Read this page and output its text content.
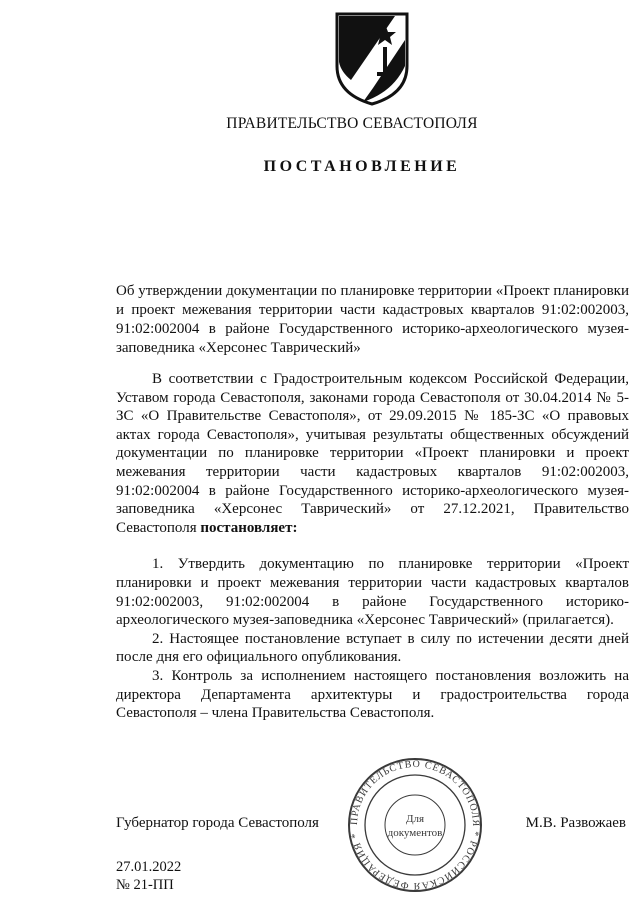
ПРАВИТЕЛЬСТВО СЕВАСТОПОЛЯ
ПОСТАНОВЛЕНИЕ

Об утверждении документации по планировке территории «Проект планировки и проект межевания территории части кадастровых кварталов 91:02:002003, 91:02:002004 в районе Государственного историко-археологического музея-заповедника «Херсонес Таврический»

В соответствии с Градостроительным кодексом Российской Федерации, Уставом города Севастополя, законами города Севастополя от 30.04.2014 № 5-ЗС «О Правительстве Севастополя», от 29.09.2015 № 185-ЗС «О правовых актах города Севастополя», учитывая результаты общественных обсуждений документации по планировке территории «Проект планировки и проект межевания территории части кадастровых кварталов 91:02:002003, 91:02:002004 в районе Государственного историко-археологического музея-заповедника «Херсонес Таврический» от 27.12.2021, Правительство Севастополя постановляет:

1. Утвердить документацию по планировке территории «Проект планировки и проект межевания территории части кадастровых кварталов 91:02:002003, 91:02:002004 в районе Государственного историко-археологического музея-заповедника «Херсонес Таврический» (прилагается).

2. Настоящее постановление вступает в силу по истечении десяти дней после дня его официального опубликования.

3. Контроль за исполнением настоящего постановления возложить на директора Департамента архитектуры и градостроительства города Севастополя – члена Правительства Севастополя.

Губернатор города Севастополя	М.В. Развожаев
ПРАВИТЕЛЬСТВО СЕВАСТОПОЛЯ * РОССИЙСКАЯ ФЕДЕРАЦИЯ *
Для
документов
27.01.2022
№ 21-ПП
